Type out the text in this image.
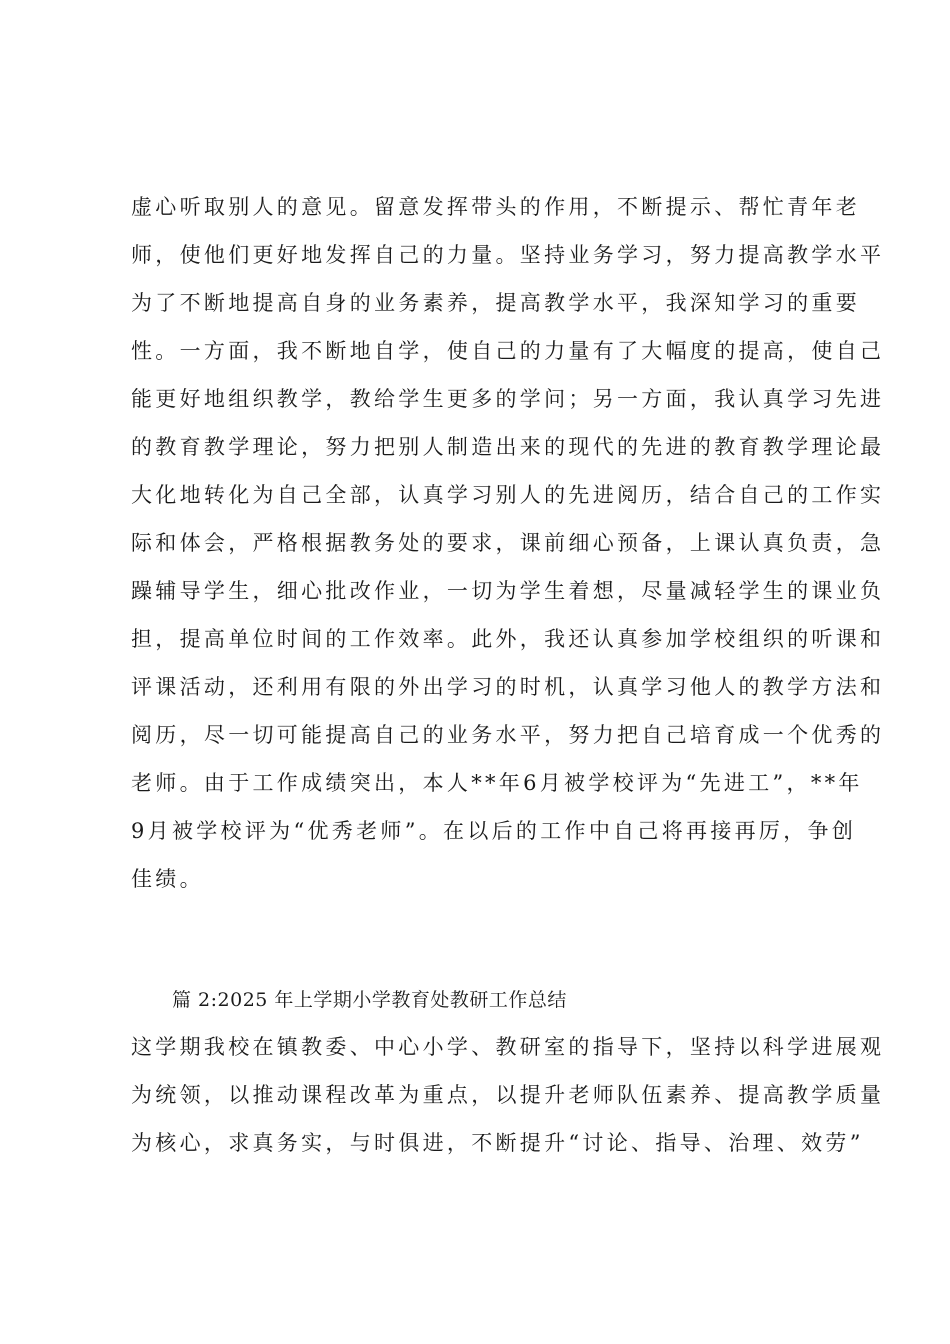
虚心听取别人的意见。留意发挥带头的作用，不断提示、帮忙青年老
师，使他们更好地发挥自己的力量。坚持业务学习，努力提高教学水平
为了不断地提高自身的业务素养，提高教学水平，我深知学习的重要
性。一方面，我不断地自学，使自己的力量有了大幅度的提高，使自己
能更好地组织教学，教给学生更多的学问；另一方面，我认真学习先进
的教育教学理论，努力把别人制造出来的现代的先进的教育教学理论最
大化地转化为自己全部，认真学习别人的先进阅历，结合自己的工作实
际和体会，严格根据教务处的要求，课前细心预备，上课认真负责，急
躁辅导学生，细心批改作业，一切为学生着想，尽量减轻学生的课业负
担，提高单位时间的工作效率。此外，我还认真参加学校组织的听课和
评课活动，还利用有限的外出学习的时机，认真学习他人的教学方法和
阅历，尽一切可能提高自己的业务水平，努力把自己培育成一个优秀的
老师。由于工作成绩突出，本人**年6月被学校评为“先进工”，**年
9月被学校评为“优秀老师”。在以后的工作中自己将再接再厉，争创
佳绩。
篇 2:2025 年上学期小学教育处教研工作总结
这学期我校在镇教委、中心小学、教研室的指导下，坚持以科学进展观
为统领，以推动课程改革为重点，以提升老师队伍素养、提高教学质量
为核心，求真务实，与时俱进，不断提升“讨论、指导、治理、效劳”
